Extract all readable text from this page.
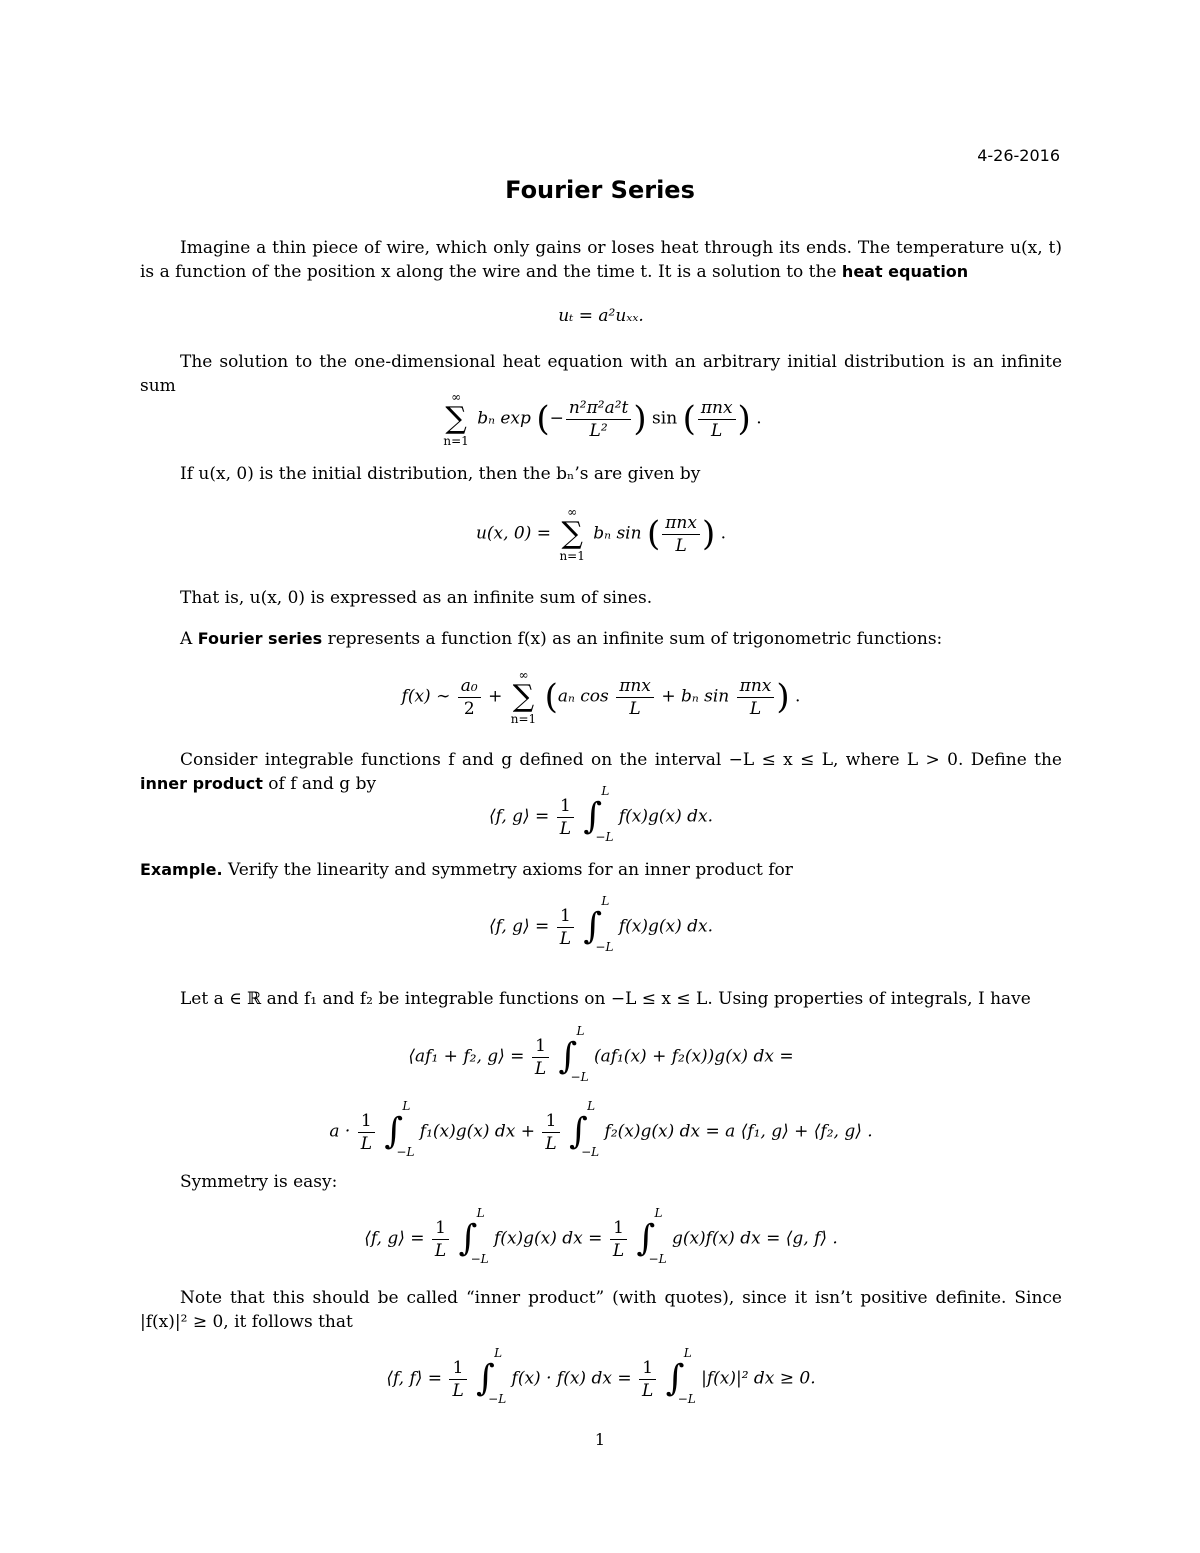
4-26-2016
Fourier Series
Imagine a thin piece of wire, which only gains or loses heat through its ends. The temperature u(x, t) is a function of the position x along the wire and the time t. It is a solution to the heat equation
uₜ = a²uₓₓ.
The solution to the one-dimensional heat equation with an arbitrary initial distribution is an infinite sum
∞
∑
n=1
bₙ exp (− $\frac{\text{n²π²a²t}}{\text{L²}}$ ) sin ( $\frac{\text{πnx}}{L}$ ) .
If u(x, 0) is the initial distribution, then the bₙ’s are given by
u(x, 0) =
∞
∑
n=1
bₙ sin ( $\frac{\text{πnx}}{L}$ ) .
That is, u(x, 0) is expressed as an infinite sum of sines.
A Fourier series represents a function f(x) as an infinite sum of trigonometric functions:
f(x) ∼ $\frac{\text{a₀}}{2}$ +
∞
∑
n=1
(aₙ $\cos \frac{\text{πnx}}{L} + b_n$ $\sin \frac{\text{πnx}}{L}$ ) .
Consider integrable functions f and g defined on the interval −L ≤ x ≤ L, where L > 0. Define the inner product of f and g by
⟨f, g⟩ = $\frac{1}{L}$
∫
L
−L
f(x)g(x) dx.
Example. Verify the linearity and symmetry axioms for an inner product for
⟨f, g⟩ = $\frac{1}{L}$
∫
L
−L
f(x)g(x) dx.
Let a ∈ ℝ and f₁ and f₂ be integrable functions on −L ≤ x ≤ L. Using properties of integrals, I have
⟨af₁ + f₂, g⟩ = $\frac{1}{L}$
∫
L
−L
(af₁(x) + f₂(x))g(x) dx =
$a \cdot \frac{1}{L}$
∫
L
−L
f₁(x)g(x) dx + $\frac{1}{L}$
∫
L
−L
f₂(x)g(x) dx = a ⟨f₁, g⟩ + ⟨f₂, g⟩ .
Symmetry is easy:
⟨f, g⟩ = $\frac{1}{L}$
∫
L
−L
f(x)g(x) dx = $\frac{1}{L}$
∫
L
−L
g(x)f(x) dx = ⟨g, f⟩ .
Note that this should be called “inner product” (with quotes), since it isn’t positive definite. Since |f(x)|² ≥ 0, it follows that
⟨f, f⟩ = $\frac{1}{L}$
∫
L
−L
f(x) · f(x) dx = $\frac{1}{L}$
∫
L
−L
|f(x)|² dx ≥ 0.
1
